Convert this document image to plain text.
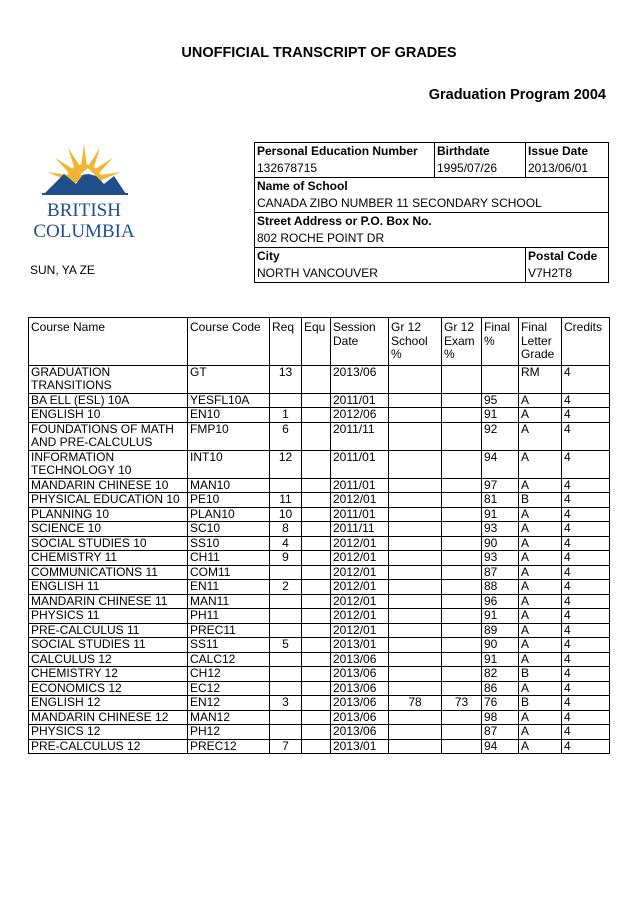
UNOFFICIAL TRANSCRIPT OF GRADES
Graduation Program 2004
BRITISH
COLUMBIA
SUN, YA ZE
Personal Education Number	Birthdate	Issue Date
132678715	1995/07/26	2013/06/01
Name of School		
CANADA ZIBO NUMBER 11 SECONDARY SCHOOL		
Street Address or P.O. Box No.		
802 ROCHE POINT DR		
City		Postal Code
NORTH VANCOUVER		V7H2T8
Course Name	Course Code	Req	Equ	Session Date	Gr 12 School %	Gr 12 Exam %	Final %	Final Letter Grade	Credits
GRADUATION TRANSITIONS	GT	13		2013/06				RM	4
BA ELL (ESL) 10A	YESFL10A			2011/01			95	A	4
ENGLISH 10	EN10	1		2012/06			91	A	4
FOUNDATIONS OF MATH AND PRE-CALCULUS	FMP10	6		2011/11			92	A	4
INFORMATION TECHNOLOGY 10	INT10	12		2011/01			94	A	4
MANDARIN CHINESE 10	MAN10			2011/01			97	A	4
PHYSICAL EDUCATION 10	PE10	11		2012/01			81	B	4
PLANNING 10	PLAN10	10		2011/01			91	A	4
SCIENCE 10	SC10	8		2011/11			93	A	4
SOCIAL STUDIES 10	SS10	4		2012/01			90	A	4
CHEMISTRY 11	CH11	9		2012/01			93	A	4
COMMUNICATIONS 11	COM11			2012/01			87	A	4
ENGLISH 11	EN11	2		2012/01			88	A	4
MANDARIN CHINESE 11	MAN11			2012/01			96	A	4
PHYSICS 11	PH11			2012/01			91	A	4
PRE-CALCULUS 11	PREC11			2012/01			89	A	4
SOCIAL STUDIES 11	SS11	5		2013/01			90	A	4
CALCULUS 12	CALC12			2013/06			91	A	4
CHEMISTRY 12	CH12			2013/06			82	B	4
ECONOMICS 12	EC12			2013/06			86	A	4
ENGLISH 12	EN12	3		2013/06	78	73	76	B	4
MANDARIN CHINESE 12	MAN12			2013/06			98	A	4
PHYSICS 12	PH12			2013/06			87	A	4
PRE-CALCULUS 12	PREC12	7		2013/01			94	A	4
